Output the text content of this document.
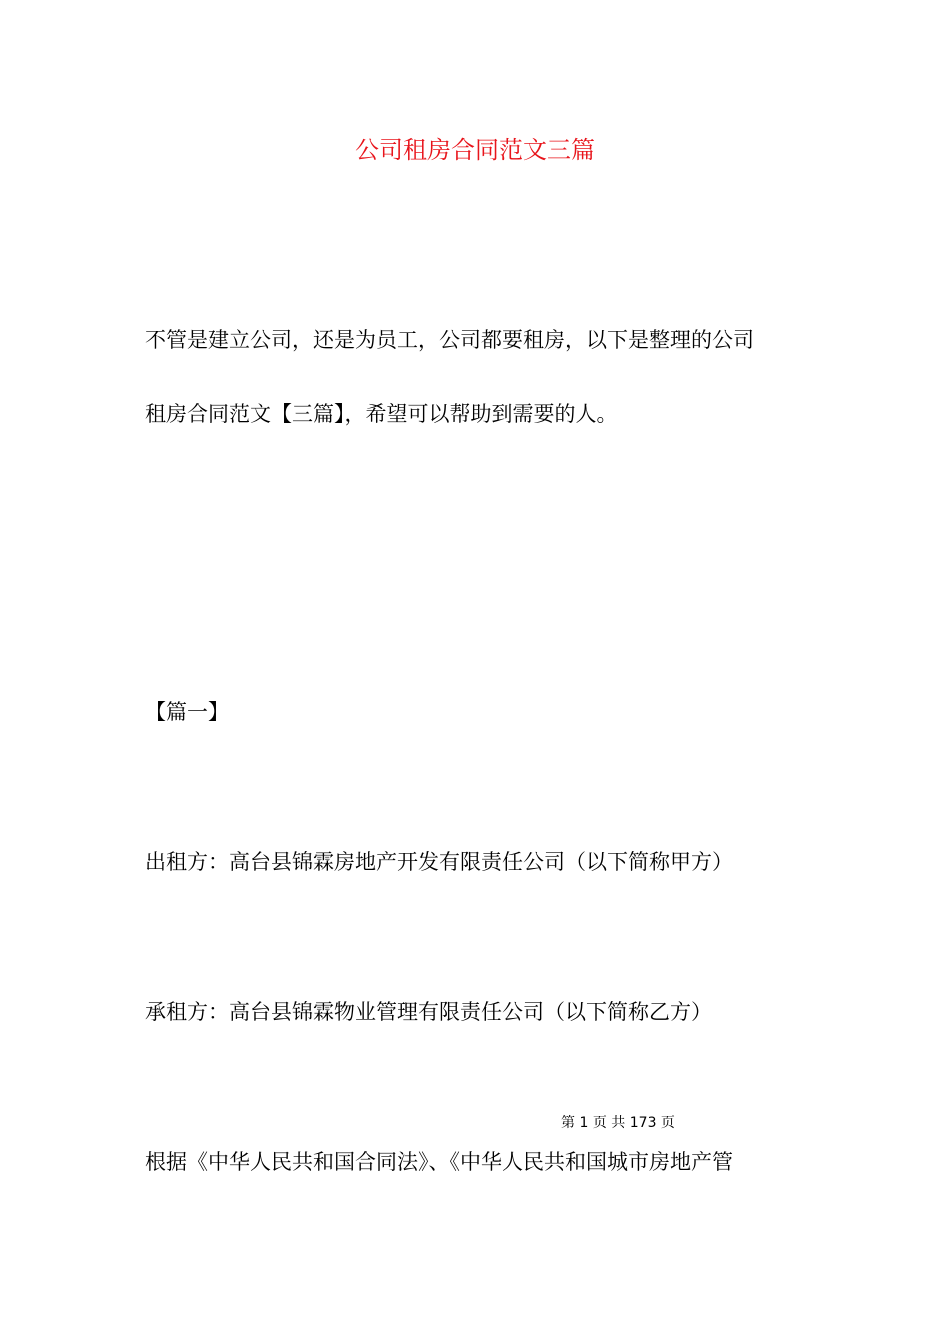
公司租房合同范文三篇

不管是建立公司，还是为员工，公司都要租房，以下是整理的公司

租房合同范文【三篇】，希望可以帮助到需要的人。

【篇一】

出租方：高台县锦霖房地产开发有限责任公司（以下简称甲方）

承租方：高台县锦霖物业管理有限责任公司（以下简称乙方）

第 1 页 共 173 页

根据《中华人民共和国合同法》、《中华人民共和国城市房地产管
